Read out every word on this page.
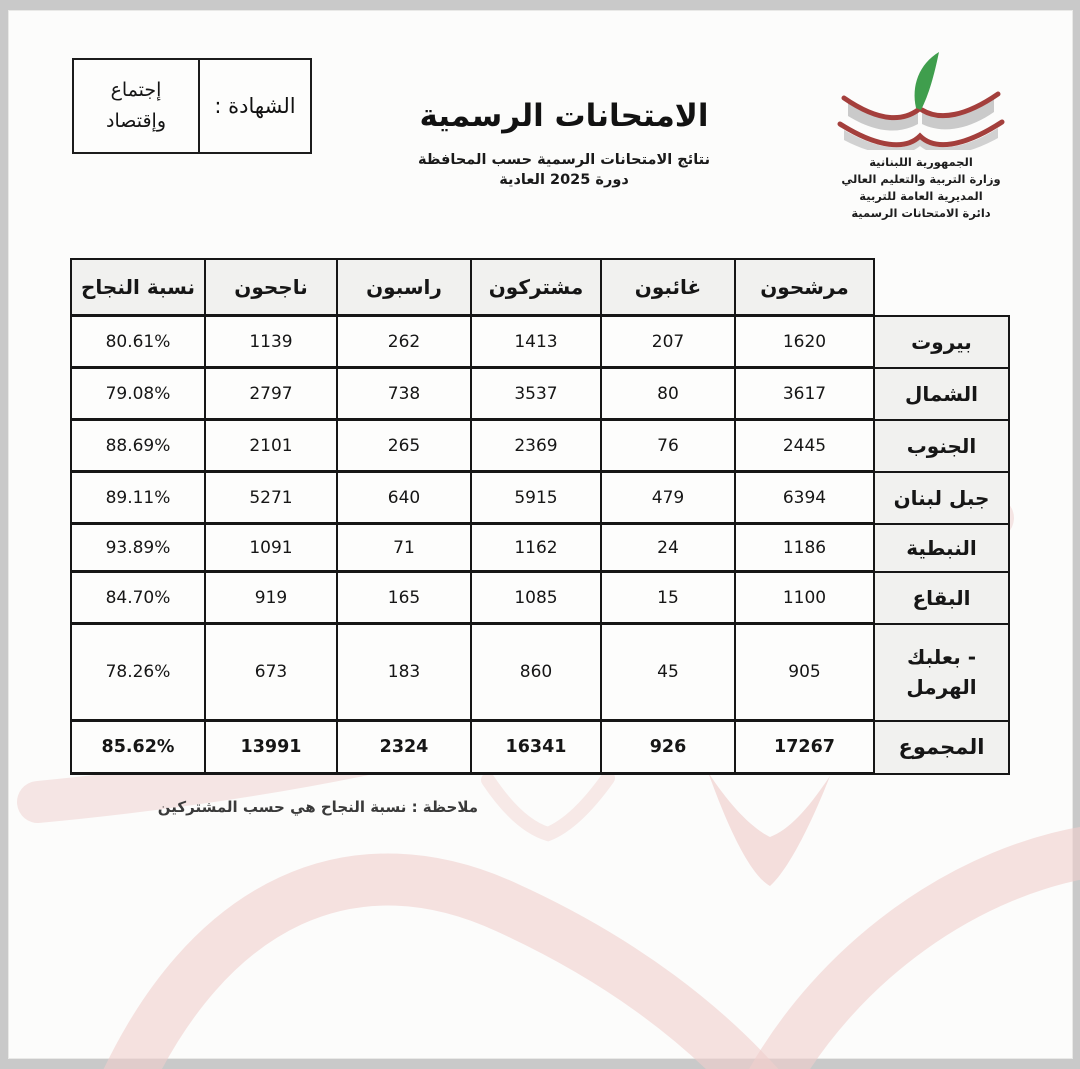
إجتماع
وإقتصاد
الشهادة :	الامتحانات الرسمية
نتائج الامتحانات الرسمية حسب المحافظة
دورة 2025 العادية
الجمهورية اللبنانية
وزارة التربية والتعليم العالي
المديرية العامة للتربية
دائرة الامتحانات الرسمية
	مرشحون	غائبون	مشتركون	راسبون	ناجحون	نسبة النجاح
بيروت	1620	207	1413	262	1139	80.61%
الشمال	3617	80	3537	738	2797	79.08%
الجنوب	2445	76	2369	265	2101	88.69%
جبل لبنان	6394	479	5915	640	5271	89.11%
النبطية	1186	24	1162	71	1091	93.89%
البقاع	1100	15	1085	165	919	84.70%

- بعلبك
الهرمل	905	45	860	183	673	78.26%
المجموع	17267	926	16341	2324	13991	85.62%
ملاحظة : نسبة النجاح هي حسب المشتركين
